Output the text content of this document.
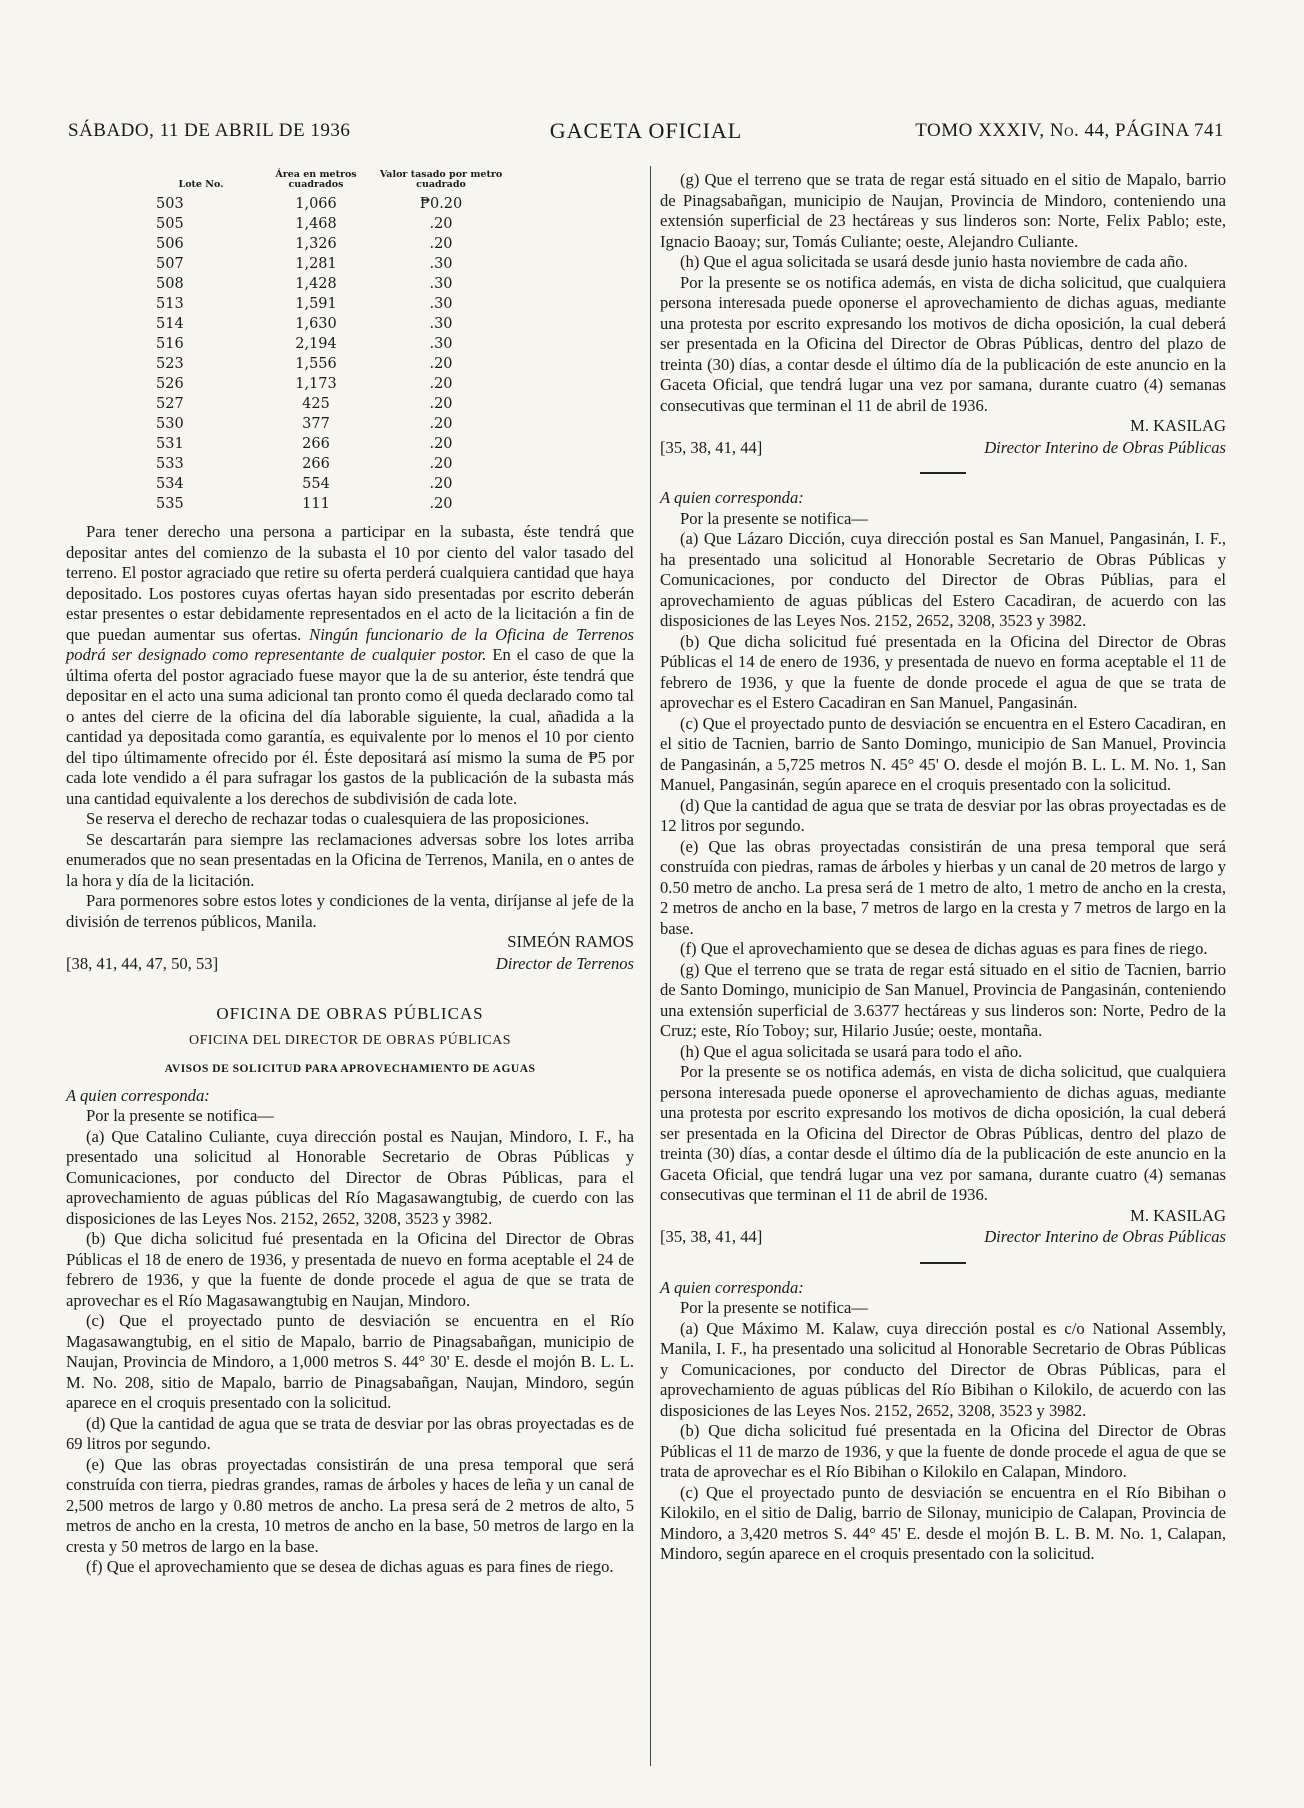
SÁBADO, 11 DE ABRIL DE 1936	GACETA OFICIAL	TOMO XXXIV, No. 44, PÁGINA 741
Lote No.	Área en metros cuadrados	Valor tasado por metro cuadrado
503	1,066	₱0.20
505	1,468	.20
506	1,326	.20
507	1,281	.30
508	1,428	.30
513	1,591	.30
514	1,630	.30
516	2,194	.30
523	1,556	.20
526	1,173	.20
527	425	.20
530	377	.20
531	266	.20
533	266	.20
534	554	.20
535	111	.20

Para tener derecho una persona a participar en la subasta, éste tendrá que depositar antes del comienzo de la subasta el 10 por ciento del valor tasado del terreno. El postor agraciado que retire su oferta perderá cualquiera cantidad que haya depositado. Los postores cuyas ofertas hayan sido presentadas por escrito deberán estar presentes o estar debidamente representados en el acto de la licitación a fin de que puedan aumentar sus ofertas. Ningún funcionario de la Oficina de Terrenos podrá ser designado como representante de cualquier postor. En el caso de que la última oferta del postor agraciado fuese mayor que la de su anterior, éste tendrá que depositar en el acto una suma adicional tan pronto como él queda declarado como tal o antes del cierre de la oficina del día laborable siguiente, la cual, añadida a la cantidad ya depositada como garantía, es equivalente por lo menos el 10 por ciento del tipo últimamente ofrecido por él. Éste depositará así mismo la suma de ₱5 por cada lote vendido a él para sufragar los gastos de la publicación de la subasta más una cantidad equivalente a los derechos de subdivisión de cada lote.

Se reserva el derecho de rechazar todas o cualesquiera de las proposiciones.

Se descartarán para siempre las reclamaciones adversas sobre los lotes arriba enumerados que no sean presentadas en la Oficina de Terrenos, Manila, en o antes de la hora y día de la licitación.

Para pormenores sobre estos lotes y condiciones de la venta, diríjanse al jefe de la división de terrenos públicos, Manila.

SIMEÓN RAMOS
[38, 41, 44, 47, 50, 53]	Director de Terrenos
OFICINA DE OBRAS PÚBLICAS
OFICINA DEL DIRECTOR DE OBRAS PÚBLICAS
AVISOS DE SOLICITUD PARA APROVECHAMIENTO DE AGUAS

A quien corresponda:

Por la presente se notifica—

(a) Que Catalino Culiante, cuya dirección postal es Naujan, Mindoro, I. F., ha presentado una solicitud al Honorable Secretario de Obras Públicas y Comunicaciones, por conducto del Director de Obras Públicas, para el aprovechamiento de aguas públicas del Río Magasawangtubig, de cuerdo con las disposiciones de las Leyes Nos. 2152, 2652, 3208, 3523 y 3982.

(b) Que dicha solicitud fué presentada en la Oficina del Director de Obras Públicas el 18 de enero de 1936, y presentada de nuevo en forma aceptable el 24 de febrero de 1936, y que la fuente de donde procede el agua de que se trata de aprovechar es el Río Magasawangtubig en Naujan, Mindoro.

(c) Que el proyectado punto de desviación se encuentra en el Río Magasawangtubig, en el sitio de Mapalo, barrio de Pinagsabañgan, municipio de Naujan, Provincia de Mindoro, a 1,000 metros S. 44° 30' E. desde el mojón B. L. L. M. No. 208, sitio de Mapalo, barrio de Pinagsabañgan, Naujan, Mindoro, según aparece en el croquis presentado con la solicitud.

(d) Que la cantidad de agua que se trata de desviar por las obras proyectadas es de 69 litros por segundo.

(e) Que las obras proyectadas consistirán de una presa temporal que será construída con tierra, piedras grandes, ramas de árboles y haces de leña y un canal de 2,500 metros de largo y 0.80 metros de ancho. La presa será de 2 metros de alto, 5 metros de ancho en la cresta, 10 metros de ancho en la base, 50 metros de largo en la cresta y 50 metros de largo en la base.

(f) Que el aprovechamiento que se desea de dichas aguas es para fines de riego.

(g) Que el terreno que se trata de regar está situado en el sitio de Mapalo, barrio de Pinagsabañgan, municipio de Naujan, Provincia de Mindoro, conteniendo una extensión superficial de 23 hectáreas y sus linderos son: Norte, Felix Pablo; este, Ignacio Baoay; sur, Tomás Culiante; oeste, Alejandro Culiante.

(h) Que el agua solicitada se usará desde junio hasta noviembre de cada año.

Por la presente se os notifica además, en vista de dicha solicitud, que cualquiera persona interesada puede oponerse el aprovechamiento de dichas aguas, mediante una protesta por escrito expresando los motivos de dicha oposición, la cual deberá ser presentada en la Oficina del Director de Obras Públicas, dentro del plazo de treinta (30) días, a contar desde el último día de la publicación de este anuncio en la Gaceta Oficial, que tendrá lugar una vez por samana, durante cuatro (4) semanas consecutivas que terminan el 11 de abril de 1936.

M. KASILAG
[35, 38, 41, 44]	Director Interino de Obras Públicas

A quien corresponda:

Por la presente se notifica—

(a) Que Lázaro Dicción, cuya dirección postal es San Manuel, Pangasinán, I. F., ha presentado una solicitud al Honorable Secretario de Obras Públicas y Comunicaciones, por conducto del Director de Obras Públias, para el aprovechamiento de aguas públicas del Estero Cacadiran, de acuerdo con las disposiciones de las Leyes Nos. 2152, 2652, 3208, 3523 y 3982.

(b) Que dicha solicitud fué presentada en la Oficina del Director de Obras Públicas el 14 de enero de 1936, y presentada de nuevo en forma aceptable el 11 de febrero de 1936, y que la fuente de donde procede el agua de que se trata de aprovechar es el Estero Cacadiran en San Manuel, Pangasinán.

(c) Que el proyectado punto de desviación se encuentra en el Estero Cacadiran, en el sitio de Tacnien, barrio de Santo Domingo, municipio de San Manuel, Provincia de Pangasinán, a 5,725 metros N. 45° 45' O. desde el mojón B. L. L. M. No. 1, San Manuel, Pangasinán, según aparece en el croquis presentado con la solicitud.

(d) Que la cantidad de agua que se trata de desviar por las obras proyectadas es de 12 litros por segundo.

(e) Que las obras proyectadas consistirán de una presa temporal que será construída con piedras, ramas de árboles y hierbas y un canal de 20 metros de largo y 0.50 metro de ancho. La presa será de 1 metro de alto, 1 metro de ancho en la cresta, 2 metros de ancho en la base, 7 metros de largo en la cresta y 7 metros de largo en la base.

(f) Que el aprovechamiento que se desea de dichas aguas es para fines de riego.

(g) Que el terreno que se trata de regar está situado en el sitio de Tacnien, barrio de Santo Domingo, municipio de San Manuel, Provincia de Pangasinán, conteniendo una extensión superficial de 3.6377 hectáreas y sus linderos son: Norte, Pedro de la Cruz; este, Río Toboy; sur, Hilario Jusúe; oeste, montaña.

(h) Que el agua solicitada se usará para todo el año.

Por la presente se os notifica además, en vista de dicha solicitud, que cualquiera persona interesada puede oponerse el aprovechamiento de dichas aguas, mediante una protesta por escrito expresando los motivos de dicha oposición, la cual deberá ser presentada en la Oficina del Director de Obras Públicas, dentro del plazo de treinta (30) días, a contar desde el último día de la publicación de este anuncio en la Gaceta Oficial, que tendrá lugar una vez por samana, durante cuatro (4) semanas consecutivas que terminan el 11 de abril de 1936.

M. KASILAG
[35, 38, 41, 44]	Director Interino de Obras Públicas

A quien corresponda:

Por la presente se notifica—

(a) Que Máximo M. Kalaw, cuya dirección postal es c/o National Assembly, Manila, I. F., ha presentado una solicitud al Honorable Secretario de Obras Públicas y Comunicaciones, por conducto del Director de Obras Públicas, para el aprovechamiento de aguas públicas del Río Bibihan o Kilokilo, de acuerdo con las disposiciones de las Leyes Nos. 2152, 2652, 3208, 3523 y 3982.

(b) Que dicha solicitud fué presentada en la Oficina del Director de Obras Públicas el 11 de marzo de 1936, y que la fuente de donde procede el agua de que se trata de aprovechar es el Río Bibihan o Kilokilo en Calapan, Mindoro.

(c) Que el proyectado punto de desviación se encuentra en el Río Bibihan o Kilokilo, en el sitio de Dalig, barrio de Silonay, municipio de Calapan, Provincia de Mindoro, a 3,420 metros S. 44° 45' E. desde el mojón B. L. B. M. No. 1, Calapan, Mindoro, según aparece en el croquis presentado con la solicitud.
